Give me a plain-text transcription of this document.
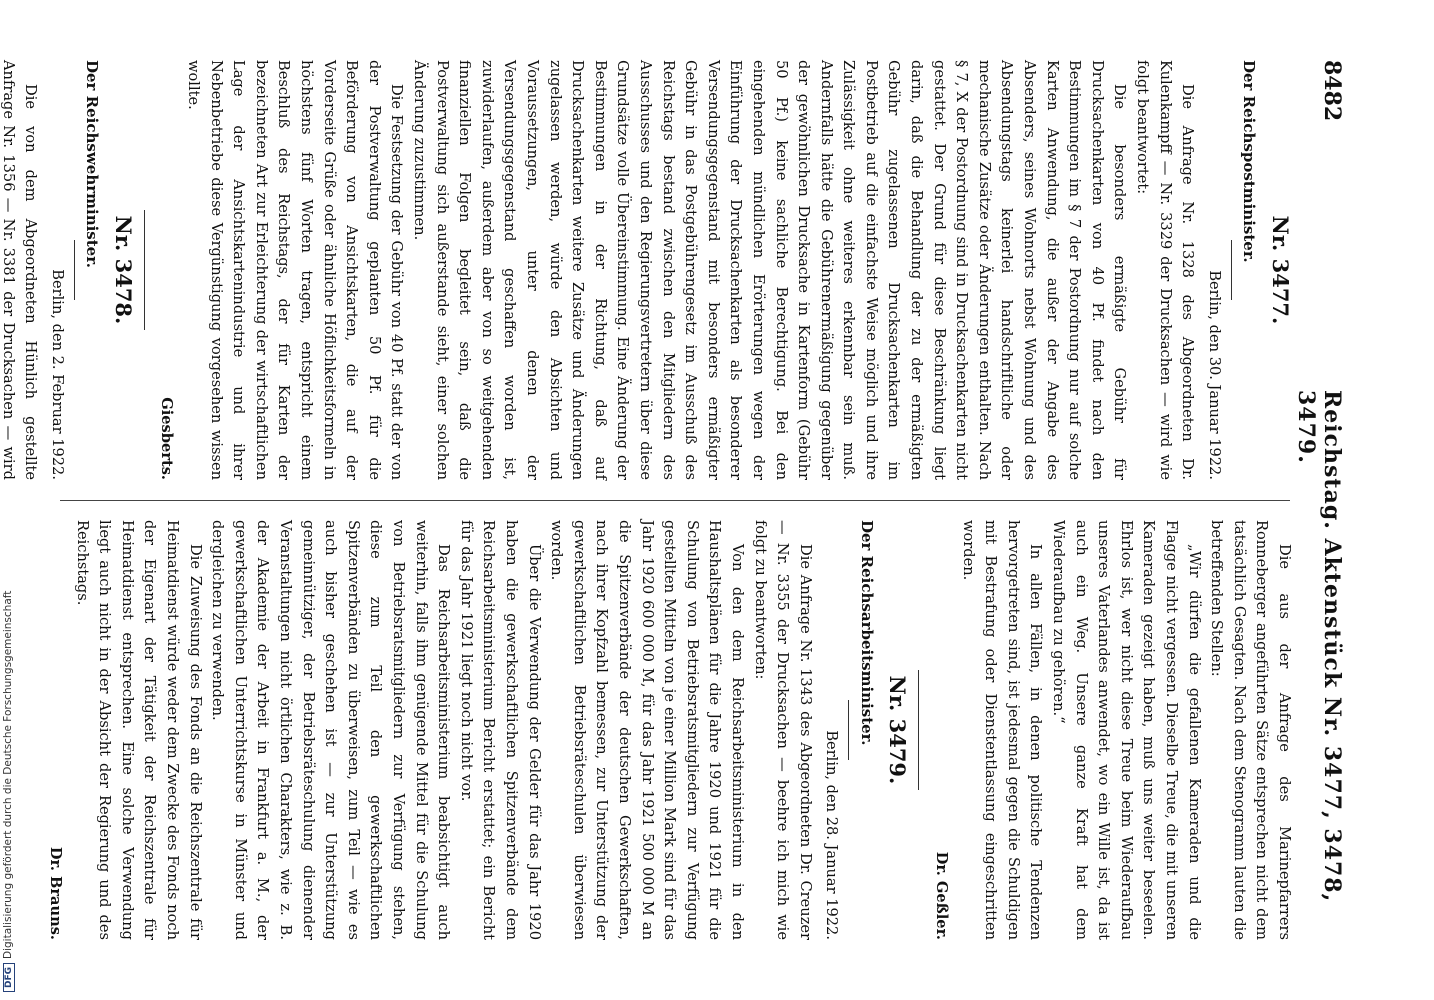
8482
Reichstag. Aktenstück Nr. 3477, 3478, 3479.
Nr. 3477.
Der Reichspostminister.
Berlin, den 30. Januar 1922.

Die Anfrage Nr. 1328 des Abgeordneten Dr. Kulenkampff — Nr. 3329 der Drucksachen — wird wie folgt beantwortet:

Die besonders ermäßigte Gebühr für Drucksachenkarten von 40 Pf. findet nach den Bestimmungen im § 7 der Postordnung nur auf solche Karten Anwendung, die außer der Angabe des Absenders, seines Wohnorts nebst Wohnung und des Absendungstags keinerlei handschriftliche oder mechanische Zusätze oder Änderungen enthalten. Nach § 7, X der Postordnung sind in Drucksachenkarten nicht gestattet. Der Grund für diese Beschränkung liegt darin, daß die Behandlung der zu der ermäßigten Gebühr zugelassenen Drucksachenkarten im Postbetrieb auf die einfachste Weise möglich und ihre Zulässigkeit ohne weiteres erkennbar sein muß. Andernfalls hätte die Gebührenermäßigung gegenüber der gewöhnlichen Drucksache in Kartenform (Gebühr 50 Pf.) keine sachliche Berechtigung. Bei den eingehenden mündlichen Erörterungen wegen der Einführung der Drucksachenkarten als besonderer Versendungsgegenstand mit besonders ermäßigter Gebühr in das Postgebührengesetz im Ausschuß des Reichstags bestand zwischen den Mitgliedern des Ausschusses und den Regierungsvertretern über diese Grundsätze volle Übereinstimmung. Eine Änderung der Bestimmungen in der Richtung, daß auf Drucksachenkarten weitere Zusätze und Änderungen zugelassen werden, würde den Absichten und Voraussetzungen, unter denen der Versendungsgegenstand geschaffen worden ist, zuwiderlaufen, außerdem aber von so weitgehenden finanziellen Folgen begleitet sein, daß die Postverwaltung sich außerstande sieht, einer solchen Änderung zuzustimmen.

Die Festsetzung der Gebühr von 40 Pf. statt der von der Postverwaltung geplanten 50 Pf. für die Beförderung von Ansichtskarten, die auf der Vorderseite Grüße oder ähnliche Höflichkeitsformeln in höchstens fünf Worten tragen, entspricht einem Beschluß des Reichstags, der für Karten der bezeichneten Art zur Erleichterung der wirtschaftlichen Lage der Ansichtskartenindustrie und ihrer Nebenbetriebe diese Vergünstigung vorgesehen wissen wollte.

Giesberts.
Nr. 3478.
Der Reichswehrminister.
Berlin, den 2. Februar 1922.

Die von dem Abgeordneten Hünlich gestellte Anfrage Nr. 1356 — Nr. 3381 der Drucksachen — wird

Die aus der Anfrage des Marinepfarrers Ronneberger angeführten Sätze entsprechen nicht dem tatsächlich Gesagten. Nach dem Stenogramm lauten die betreffenden Stellen:

„Wir dürfen die gefallenen Kameraden und die Flagge nicht vergessen. Dieselbe Treue, die mit unseren Kameraden gezeigt haben, muß uns weiter beseelen. Ehrlos ist, wer nicht diese Treue beim Wiederaufbau unseres Vaterlandes anwendet, wo ein Wille ist, da ist auch ein Weg. Unsere ganze Kraft hat dem Wiederaufbau zu gehören.“

In allen Fällen, in denen politische Tendenzen hervorgetreten sind, ist jedesmal gegen die Schuldigen mit Bestrafung oder Dienstentlassung eingeschritten worden.

Dr. Geßler.
Nr. 3479.
Der Reichsarbeitsminister.
Berlin, den 28. Januar 1922.

Die Anfrage Nr. 1343 des Abgeordneten Dr. Creuzer — Nr. 3355 der Drucksachen — beehre ich mich wie folgt zu beantworten:

Von den dem Reichsarbeitsministerium in den Haushaltsplänen für die Jahre 1920 und 1921 für die Schulung von Betriebsratsmitgliedern zur Verfügung gestellten Mitteln von je einer Million Mark sind für das Jahr 1920 600 000 M, für das Jahr 1921 500 000 M an die Spitzenverbände der deutschen Gewerkschaften, nach ihrer Kopfzahl bemessen, zur Unterstützung der gewerkschaftlichen Betriebsräteschulen überwiesen worden.

Über die Verwendung der Gelder für das Jahr 1920 haben die gewerkschaftlichen Spitzenverbände dem Reichsarbeitsministerium Bericht erstattet; ein Bericht für das Jahr 1921 liegt noch nicht vor.

Das Reichsarbeitsministerium beabsichtigt auch weiterhin, falls ihm genügende Mittel für die Schulung von Betriebsratsmitgliedern zur Verfügung stehen, diese zum Teil den gewerkschaftlichen Spitzenverbänden zu überweisen, zum Teil — wie es auch bisher geschehen ist — zur Unterstützung gemeinnütziger, der Betriebsräteschulung dienender Veranstaltungen nicht örtlichen Charakters, wie z. B. der Akademie der Arbeit in Frankfurt a. M., der gewerkschaftlichen Unterrichtskurse in Münster und dergleichen zu verwenden.

Die Zuweisung des Fonds an die Reichszentrale für Heimatdienst würde weder dem Zwecke des Fonds noch der Eigenart der Tätigkeit der Reichszentrale für Heimatdienst entsprechen. Eine solche Verwendung liegt auch nicht in der Absicht der Regierung und des Reichstags.

Dr. Brauns.
DFGDigitalisierung gefördert durch die Deutsche Forschungsgemeinschaft
